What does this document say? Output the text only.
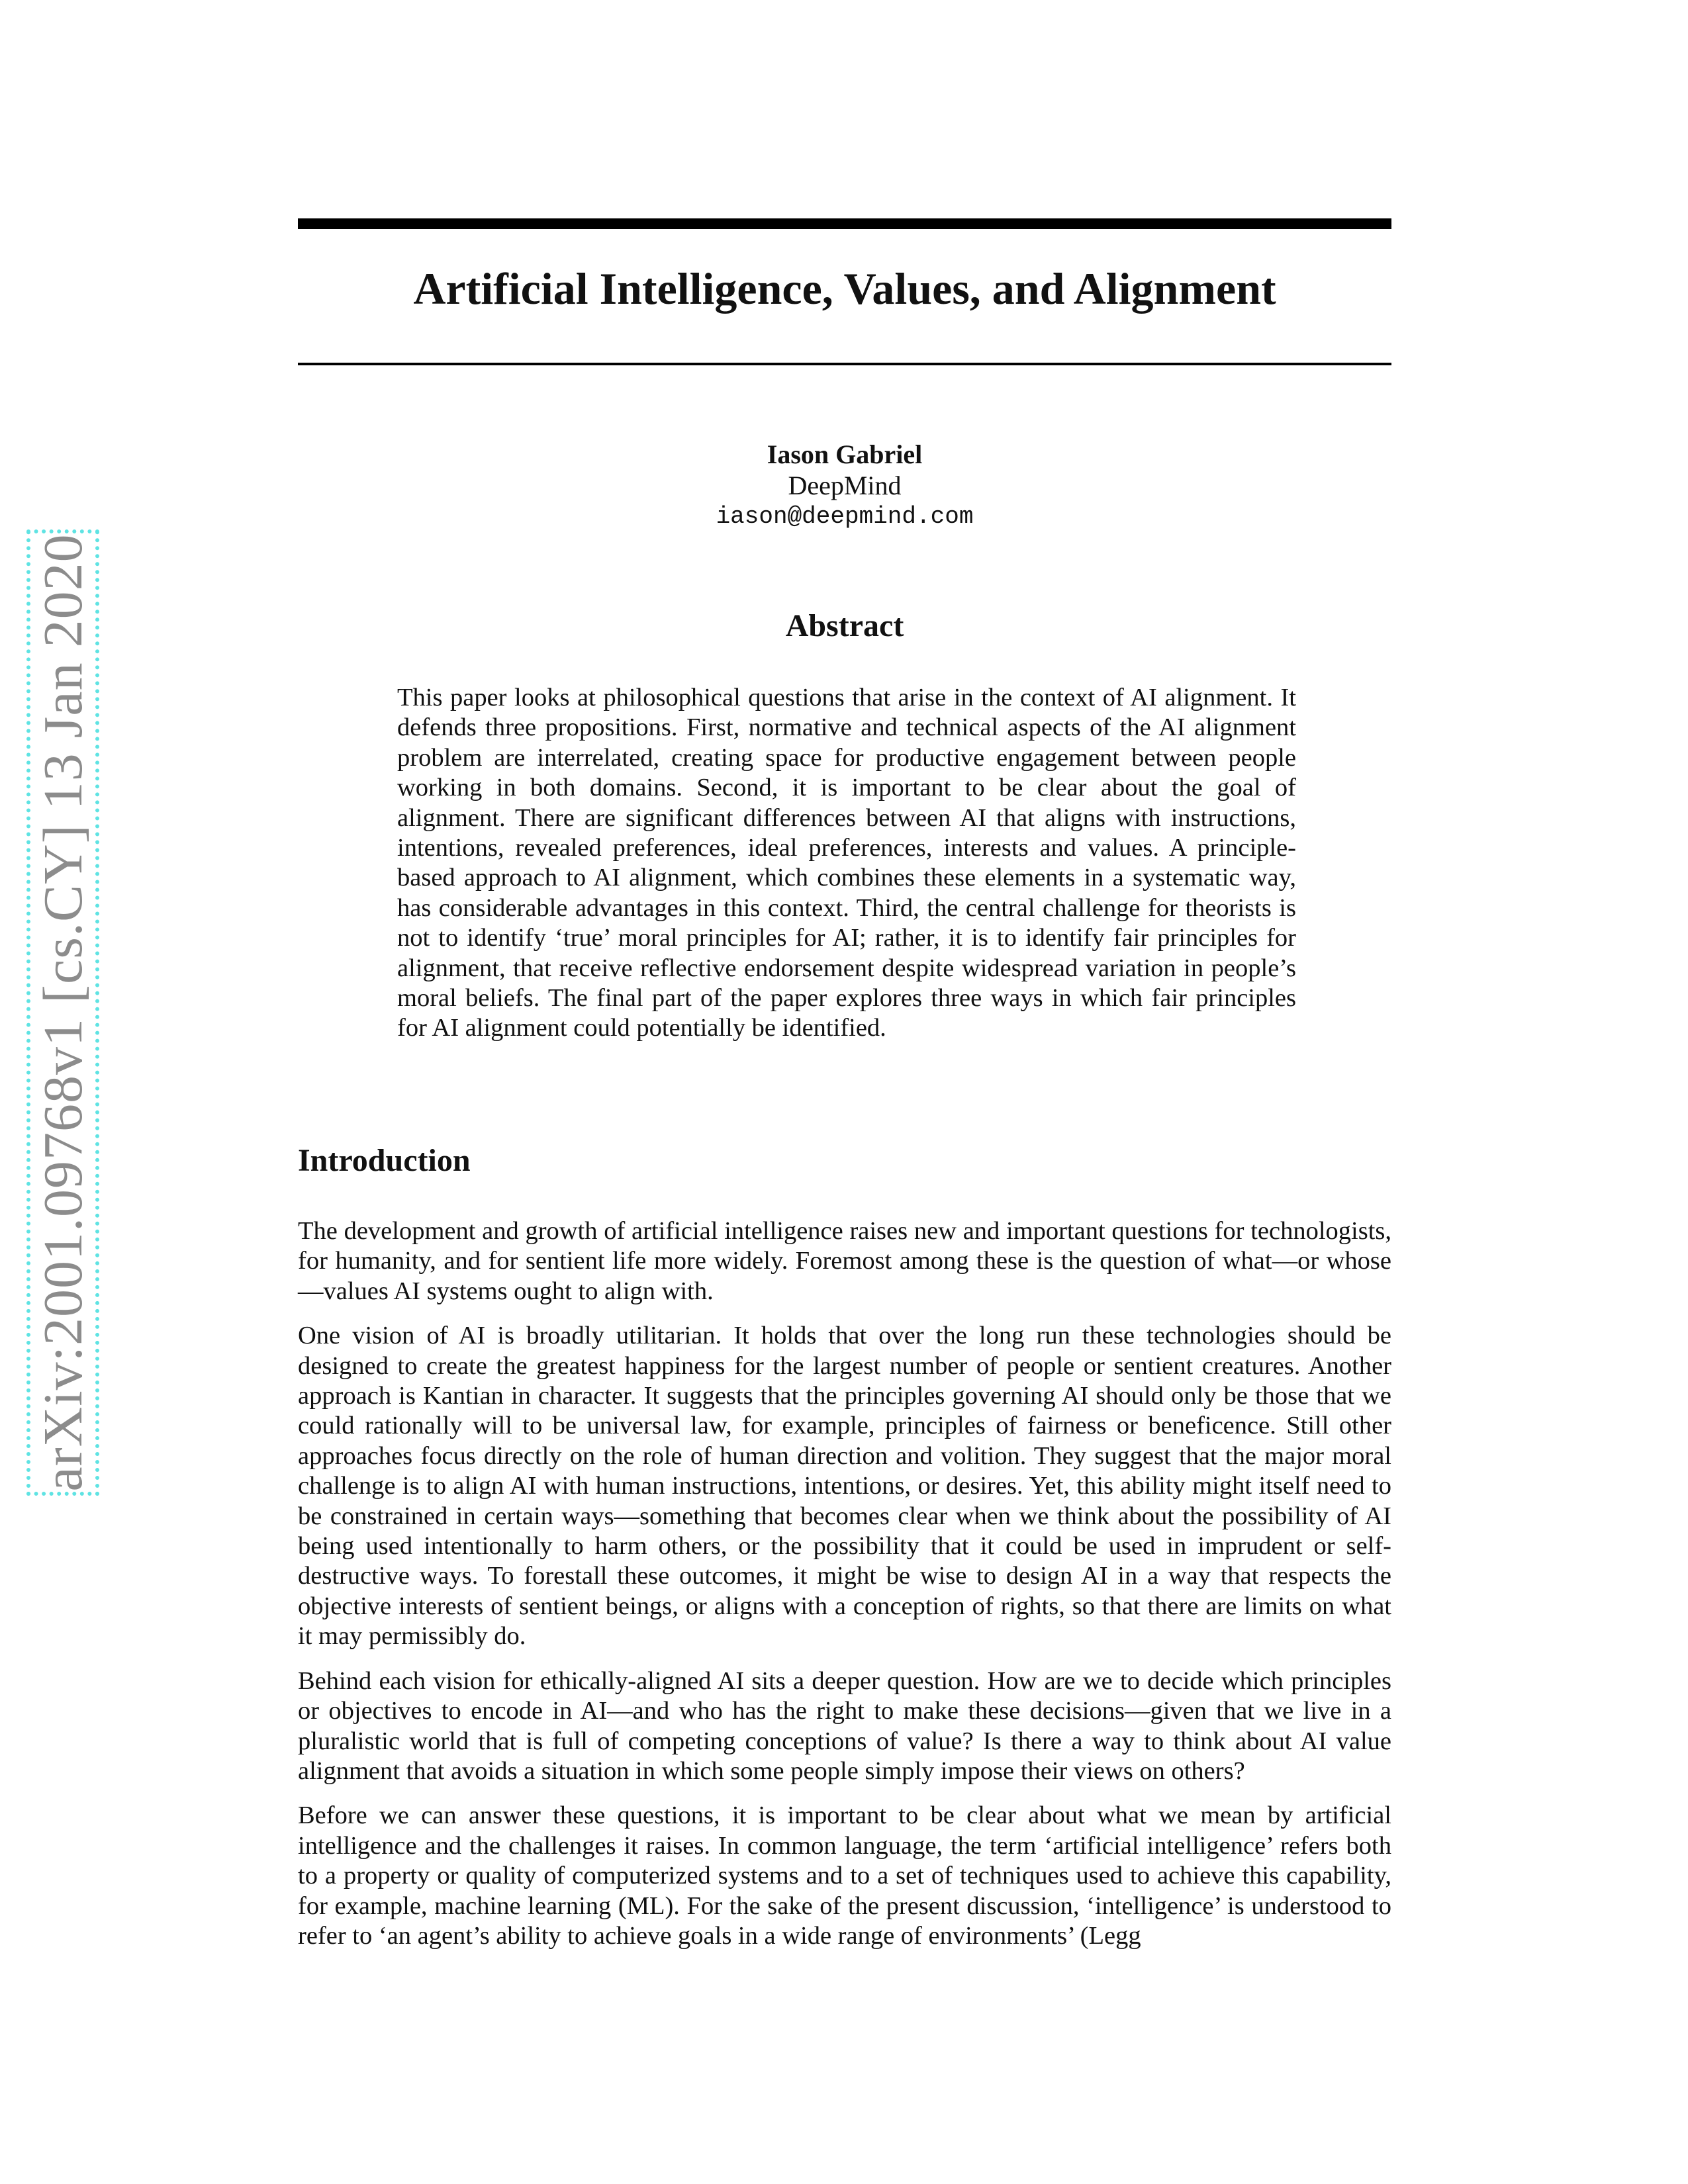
arXiv:2001.09768v1 [cs.CY] 13 Jan 2020
Artificial Intelligence, Values, and Alignment
Iason Gabriel
DeepMind
iason@deepmind.com
Abstract

This paper looks at philosophical questions that arise in the context of AI alignment. It defends three propositions. First, normative and technical aspects of the AI alignment problem are interrelated, creating space for productive engagement between people working in both domains. Second, it is important to be clear about the goal of alignment. There are significant differences between AI that aligns with instructions, intentions, revealed preferences, ideal preferences, interests and values. A principle-based approach to AI alignment, which combines these elements in a systematic way, has considerable advantages in this context. Third, the central challenge for theorists is not to identify ‘true’ moral principles for AI; rather, it is to identify fair principles for alignment, that receive reflective endorsement despite widespread variation in people’s moral beliefs. The final part of the paper explores three ways in which fair principles for AI alignment could potentially be identified.

Introduction

The development and growth of artificial intelligence raises new and important questions for technologists, for humanity, and for sentient life more widely. Foremost among these is the question of what—or whose—values AI systems ought to align with.

One vision of AI is broadly utilitarian. It holds that over the long run these technologies should be designed to create the greatest happiness for the largest number of people or sentient creatures. Another approach is Kantian in character. It suggests that the principles governing AI should only be those that we could rationally will to be universal law, for example, principles of fairness or beneficence. Still other approaches focus directly on the role of human direction and volition. They suggest that the major moral challenge is to align AI with human instructions, intentions, or desires. Yet, this ability might itself need to be constrained in certain ways—something that becomes clear when we think about the possibility of AI being used intentionally to harm others, or the possibility that it could be used in imprudent or self-destructive ways. To forestall these outcomes, it might be wise to design AI in a way that respects the objective interests of sentient beings, or aligns with a conception of rights, so that there are limits on what it may permissibly do.

Behind each vision for ethically-aligned AI sits a deeper question. How are we to decide which principles or objectives to encode in AI—and who has the right to make these decisions—given that we live in a pluralistic world that is full of competing conceptions of value? Is there a way to think about AI value alignment that avoids a situation in which some people simply impose their views on others?

Before we can answer these questions, it is important to be clear about what we mean by artificial intelligence and the challenges it raises. In common language, the term ‘artificial intelligence’ refers both to a property or quality of computerized systems and to a set of techniques used to achieve this capability, for example, machine learning (ML). For the sake of the present discussion, ‘intelligence’ is understood to refer to ‘an agent’s ability to achieve goals in a wide range of environments’ (Legg
